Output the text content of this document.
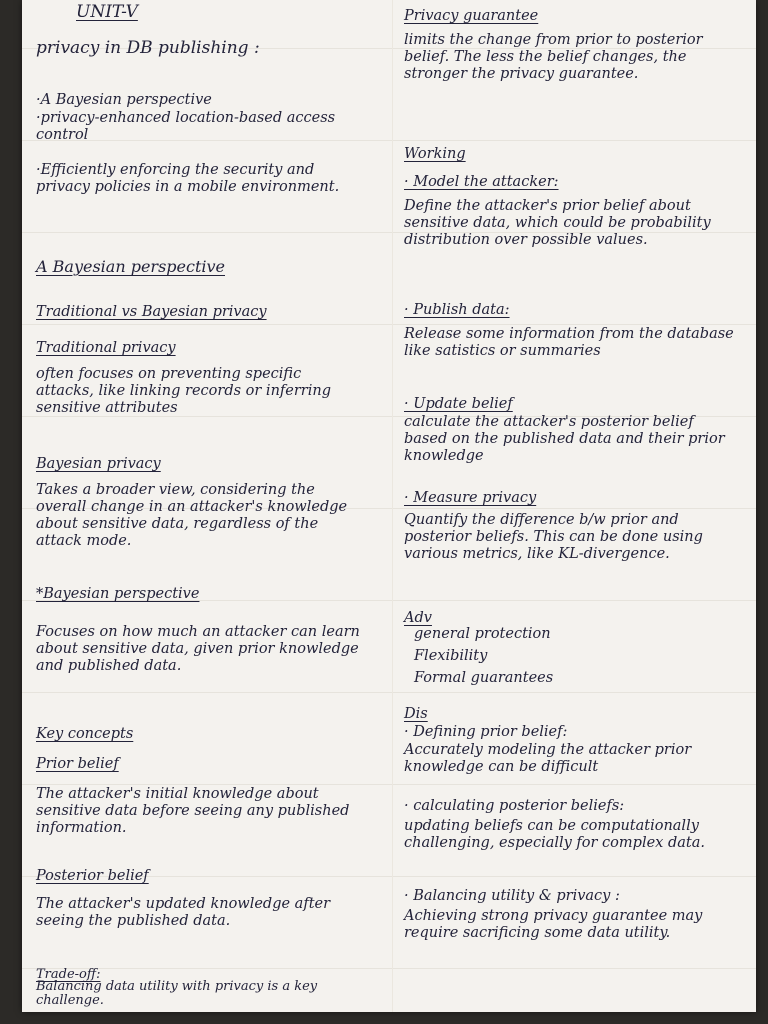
UNIT-V
privacy in DB publishing :
·A Bayesian perspective
·privacy-enhanced location-based access control
·Efficiently enforcing the security and privacy policies in a mobile environment.
A Bayesian perspective
Traditional vs Bayesian privacy
Traditional privacy
often focuses on preventing specific attacks, like linking records or inferring sensitive attributes
Bayesian privacy
Takes a broader view, considering the overall change in an attacker's knowledge about sensitive data, regardless of the attack mode.
*Bayesian perspective
Focuses on how much an attacker can learn about sensitive data, given prior knowledge and published data.
Key concepts
Prior belief
The attacker's initial knowledge about sensitive data before seeing any published information.
Posterior belief
The attacker's updated knowledge after seeing the published data.
Trade-off:
Balancing data utility with privacy is a key challenge.
Privacy guarantee
limits the change from prior to posterior belief. The less the belief changes, the stronger the privacy guarantee.
Working
· Model the attacker:
Define the attacker's prior belief about sensitive data, which could be probability distribution over possible values.
· Publish data:
Release some information from the database like satistics or summaries
· Update belief
calculate the attacker's posterior belief based on the published data and their prior knowledge
· Measure privacy
Quantify the difference b/w prior and posterior beliefs. This can be done using various metrics, like KL-divergence.
Adv
general protection
Flexibility
Formal guarantees
Dis
· Defining prior belief:
Accurately modeling the attacker prior knowledge can be difficult
· calculating posterior beliefs:
updating beliefs can be computationally challenging, especially for complex data.
· Balancing utility & privacy :
Achieving strong privacy guarantee may require sacrificing some data utility.
